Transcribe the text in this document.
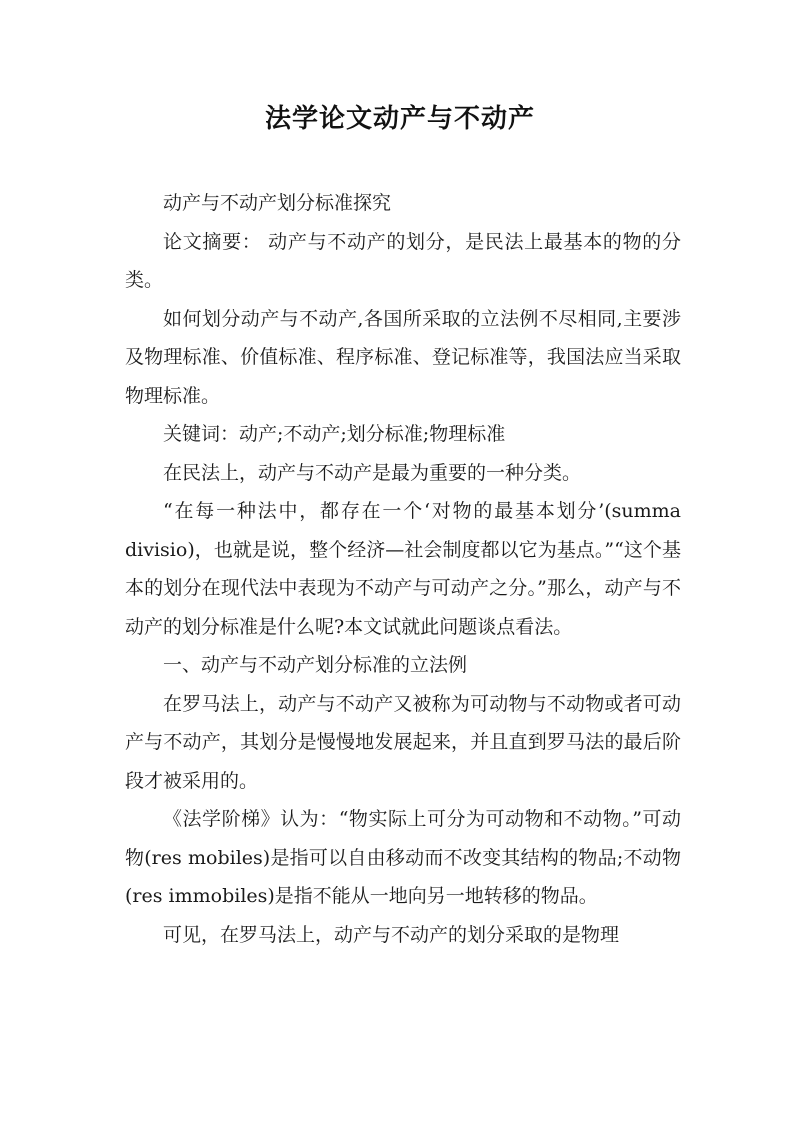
法学论文动产与不动产

动产与不动产划分标准探究

论文摘要： 动产与不动产的划分，是民法上最基本的物的分类。

如何划分动产与不动产,各国所采取的立法例不尽相同,主要涉及物理标准、价值标准、程序标准、登记标准等，我国法应当采取物理标准。

关键词：动产;不动产;划分标准;物理标准

在民法上，动产与不动产是最为重要的一种分类。

“在每一种法中，都存在一个‘对物的最基本划分’(summa divisio)，也就是说，整个经济—社会制度都以它为基点。”“这个基本的划分在现代法中表现为不动产与可动产之分。”那么，动产与不动产的划分标准是什么呢?本文试就此问题谈点看法。

一、动产与不动产划分标准的立法例

在罗马法上，动产与不动产又被称为可动物与不动物或者可动产与不动产，其划分是慢慢地发展起来，并且直到罗马法的最后阶段才被采用的。

《法学阶梯》认为：“物实际上可分为可动物和不动物。”可动物(res mobiles)是指可以自由移动而不改变其结构的物品;不动物(res immobiles)是指不能从一地向另一地转移的物品。

可见，在罗马法上，动产与不动产的划分采取的是物理
